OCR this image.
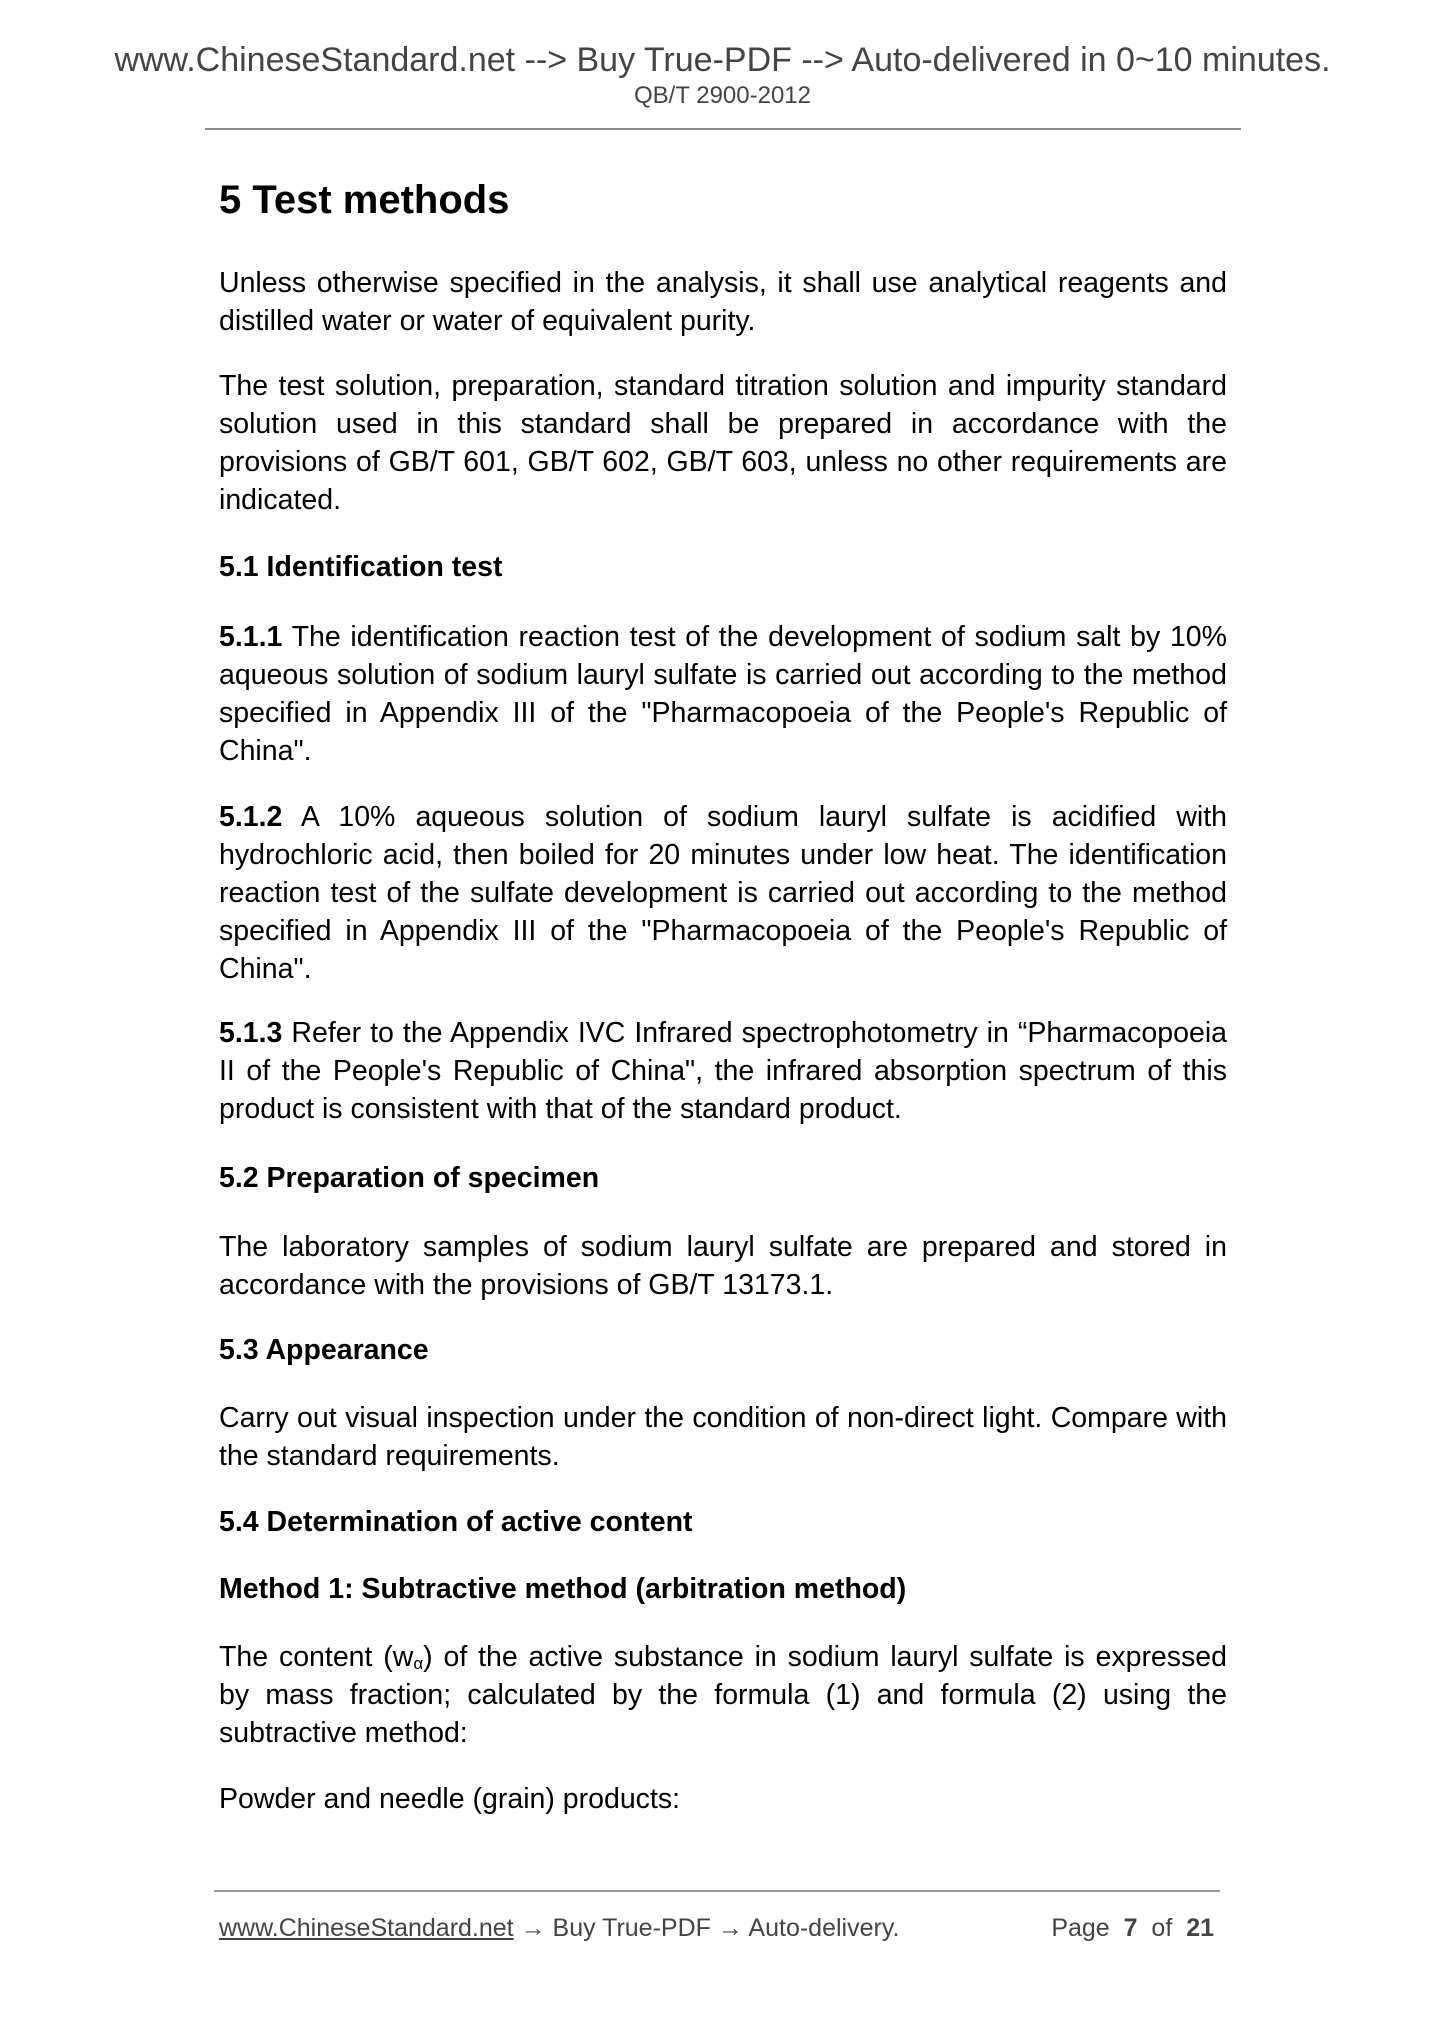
www.ChineseStandard.net --> Buy True-PDF --> Auto-delivered in 0~10 minutes.
QB/T 2900-2012
5 Test methods
Unless otherwise specified in the analysis, it shall use analytical reagents and distilled water or water of equivalent purity.
The test solution, preparation, standard titration solution and impurity standard solution used in this standard shall be prepared in accordance with the provisions of GB/T 601, GB/T 602, GB/T 603, unless no other requirements are indicated.
5.1 Identification test
5.1.1 The identification reaction test of the development of sodium salt by 10% aqueous solution of sodium lauryl sulfate is carried out according to the method specified in Appendix III of the "Pharmacopoeia of the People's Republic of China".
5.1.2 A 10% aqueous solution of sodium lauryl sulfate is acidified with hydrochloric acid, then boiled for 20 minutes under low heat. The identification reaction test of the sulfate development is carried out according to the method specified in Appendix III of the "Pharmacopoeia of the People's Republic of China".
5.1.3 Refer to the Appendix IVC Infrared spectrophotometry in “Pharmacopoeia II of the People's Republic of China", the infrared absorption spectrum of this product is consistent with that of the standard product.
5.2 Preparation of specimen
The laboratory samples of sodium lauryl sulfate are prepared and stored in accordance with the provisions of GB/T 13173.1.
5.3 Appearance
Carry out visual inspection under the condition of non-direct light. Compare with the standard requirements.
5.4 Determination of active content
Method 1: Subtractive method (arbitration method)
The content $(w_\alpha)$ of the active substance in sodium lauryl sulfate is expressed by mass fraction; calculated by the formula (1) and formula (2) using the subtractive method:
Powder and needle (grain) products:
www.ChineseStandard.net → Buy True-PDF → Auto-delivery.	Page 7 of 21
